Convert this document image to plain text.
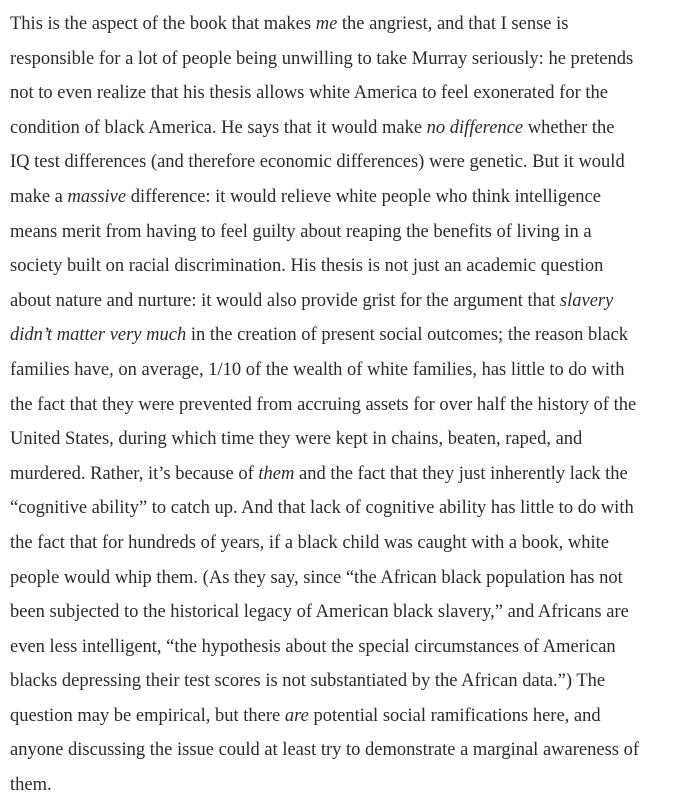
This is the aspect of the book that makes me the angriest, and that I sense is
responsible for a lot of people being unwilling to take Murray seriously: he pretends
not to even realize that his thesis allows white America to feel exonerated for the
condition of black America. He says that it would make no difference whether the
IQ test differences (and therefore economic differences) were genetic. But it would
make a massive difference: it would relieve white people who think intelligence
means merit from having to feel guilty about reaping the benefits of living in a
society built on racial discrimination. His thesis is not just an academic question
about nature and nurture: it would also provide grist for the argument that slavery
didn’t matter very much in the creation of present social outcomes; the reason black
families have, on average, 1/10 of the wealth of white families, has little to do with
the fact that they were prevented from accruing assets for over half the history of the
United States, during which time they were kept in chains, beaten, raped, and
murdered. Rather, it’s because of them and the fact that they just inherently lack the
“cognitive ability” to catch up. And that lack of cognitive ability has little to do with
the fact that for hundreds of years, if a black child was caught with a book, white
people would whip them. (As they say, since “the African black population has not
been subjected to the historical legacy of American black slavery,” and Africans are
even less intelligent, “the hypothesis about the special circumstances of American
blacks depressing their test scores is not substantiated by the African data.”) The
question may be empirical, but there are potential social ramifications here, and
anyone discussing the issue could at least try to demonstrate a marginal awareness of
them.
